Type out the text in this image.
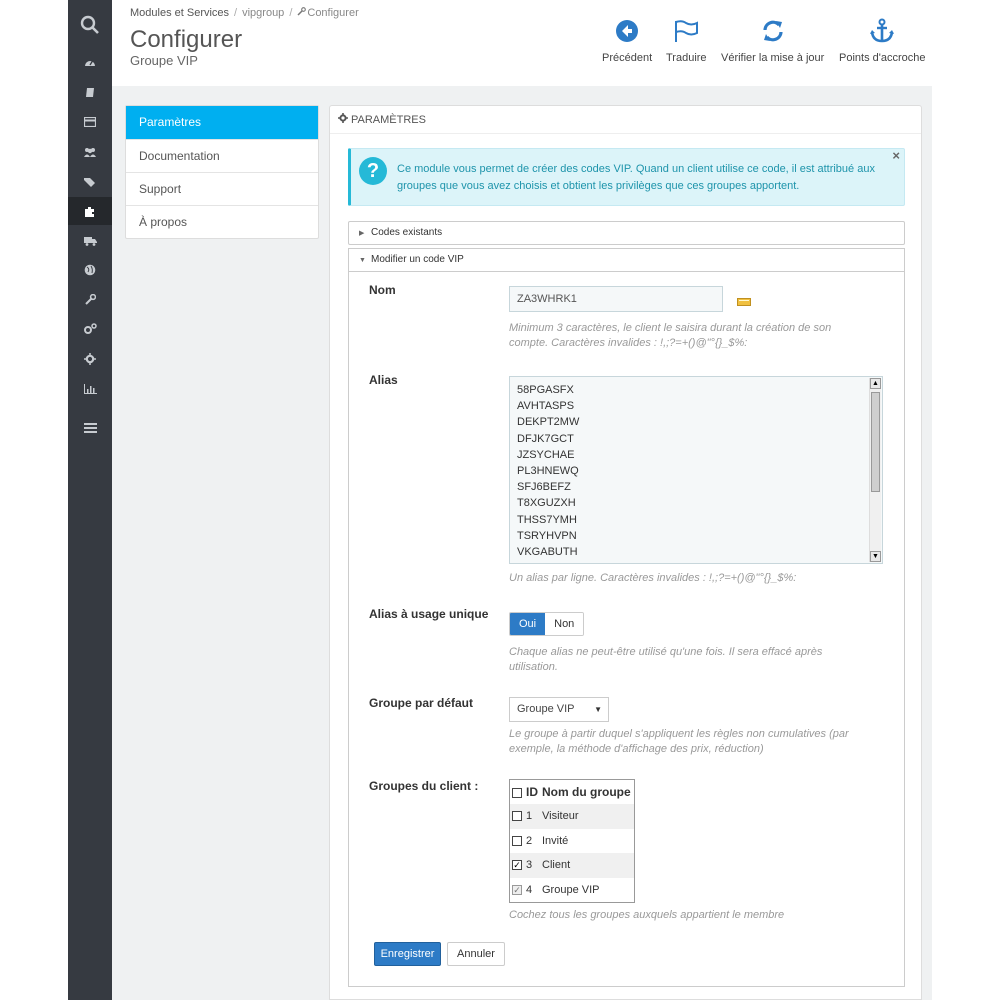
Modules et Services / vipgroup / Configurer
Configurer
Groupe VIP	Précédent Traduire Vérifier la mise à jour Points d'accroche
Paramètres
Documentation
Support
À propos
PARAMÈTRES
?	Ce module vous permet de créer des codes VIP. Quand un client utilise ce code, il est attribué aux groupes que vous avez choisis et obtient les privilèges que ces groupes apportent.
×
▶ Codes existants
▼ Modifier un code VIP
Nom
ZA3WHRK1
Minimum 3 caractères, le client le saisira durant la création de son compte. Caractères invalides : !,;?=+()@"°{}_$%:
Alias
58PGASFX
AVHTASPS
DEKPT2MW
DFJK7GCT
JZSYCHAE
PL3HNEWQ
SFJ6BEFZ
T8XGUZXH
THSS7YMH
TSRYHVPN
VKGABUTH
▲
▼
Un alias par ligne. Caractères invalides : !,;?=+()@"°{}_$%:
Alias à usage unique
Oui	Non
Chaque alias ne peut-être utilisé qu'une fois. Il sera effacé après utilisation.
Groupe par défaut	Groupe VIP ▼
Le groupe à partir duquel s'appliquent les règles non cumulatives (par exemple, la méthode d'affichage des prix, réduction)
Groupes du client :
		ID	Nom du groupe
	1	Visiteur
	2	Invité
✓	3	Client
✓	4	Groupe VIP
Cochez tous les groupes auxquels appartient le membre
Enregistrer	Annuler
